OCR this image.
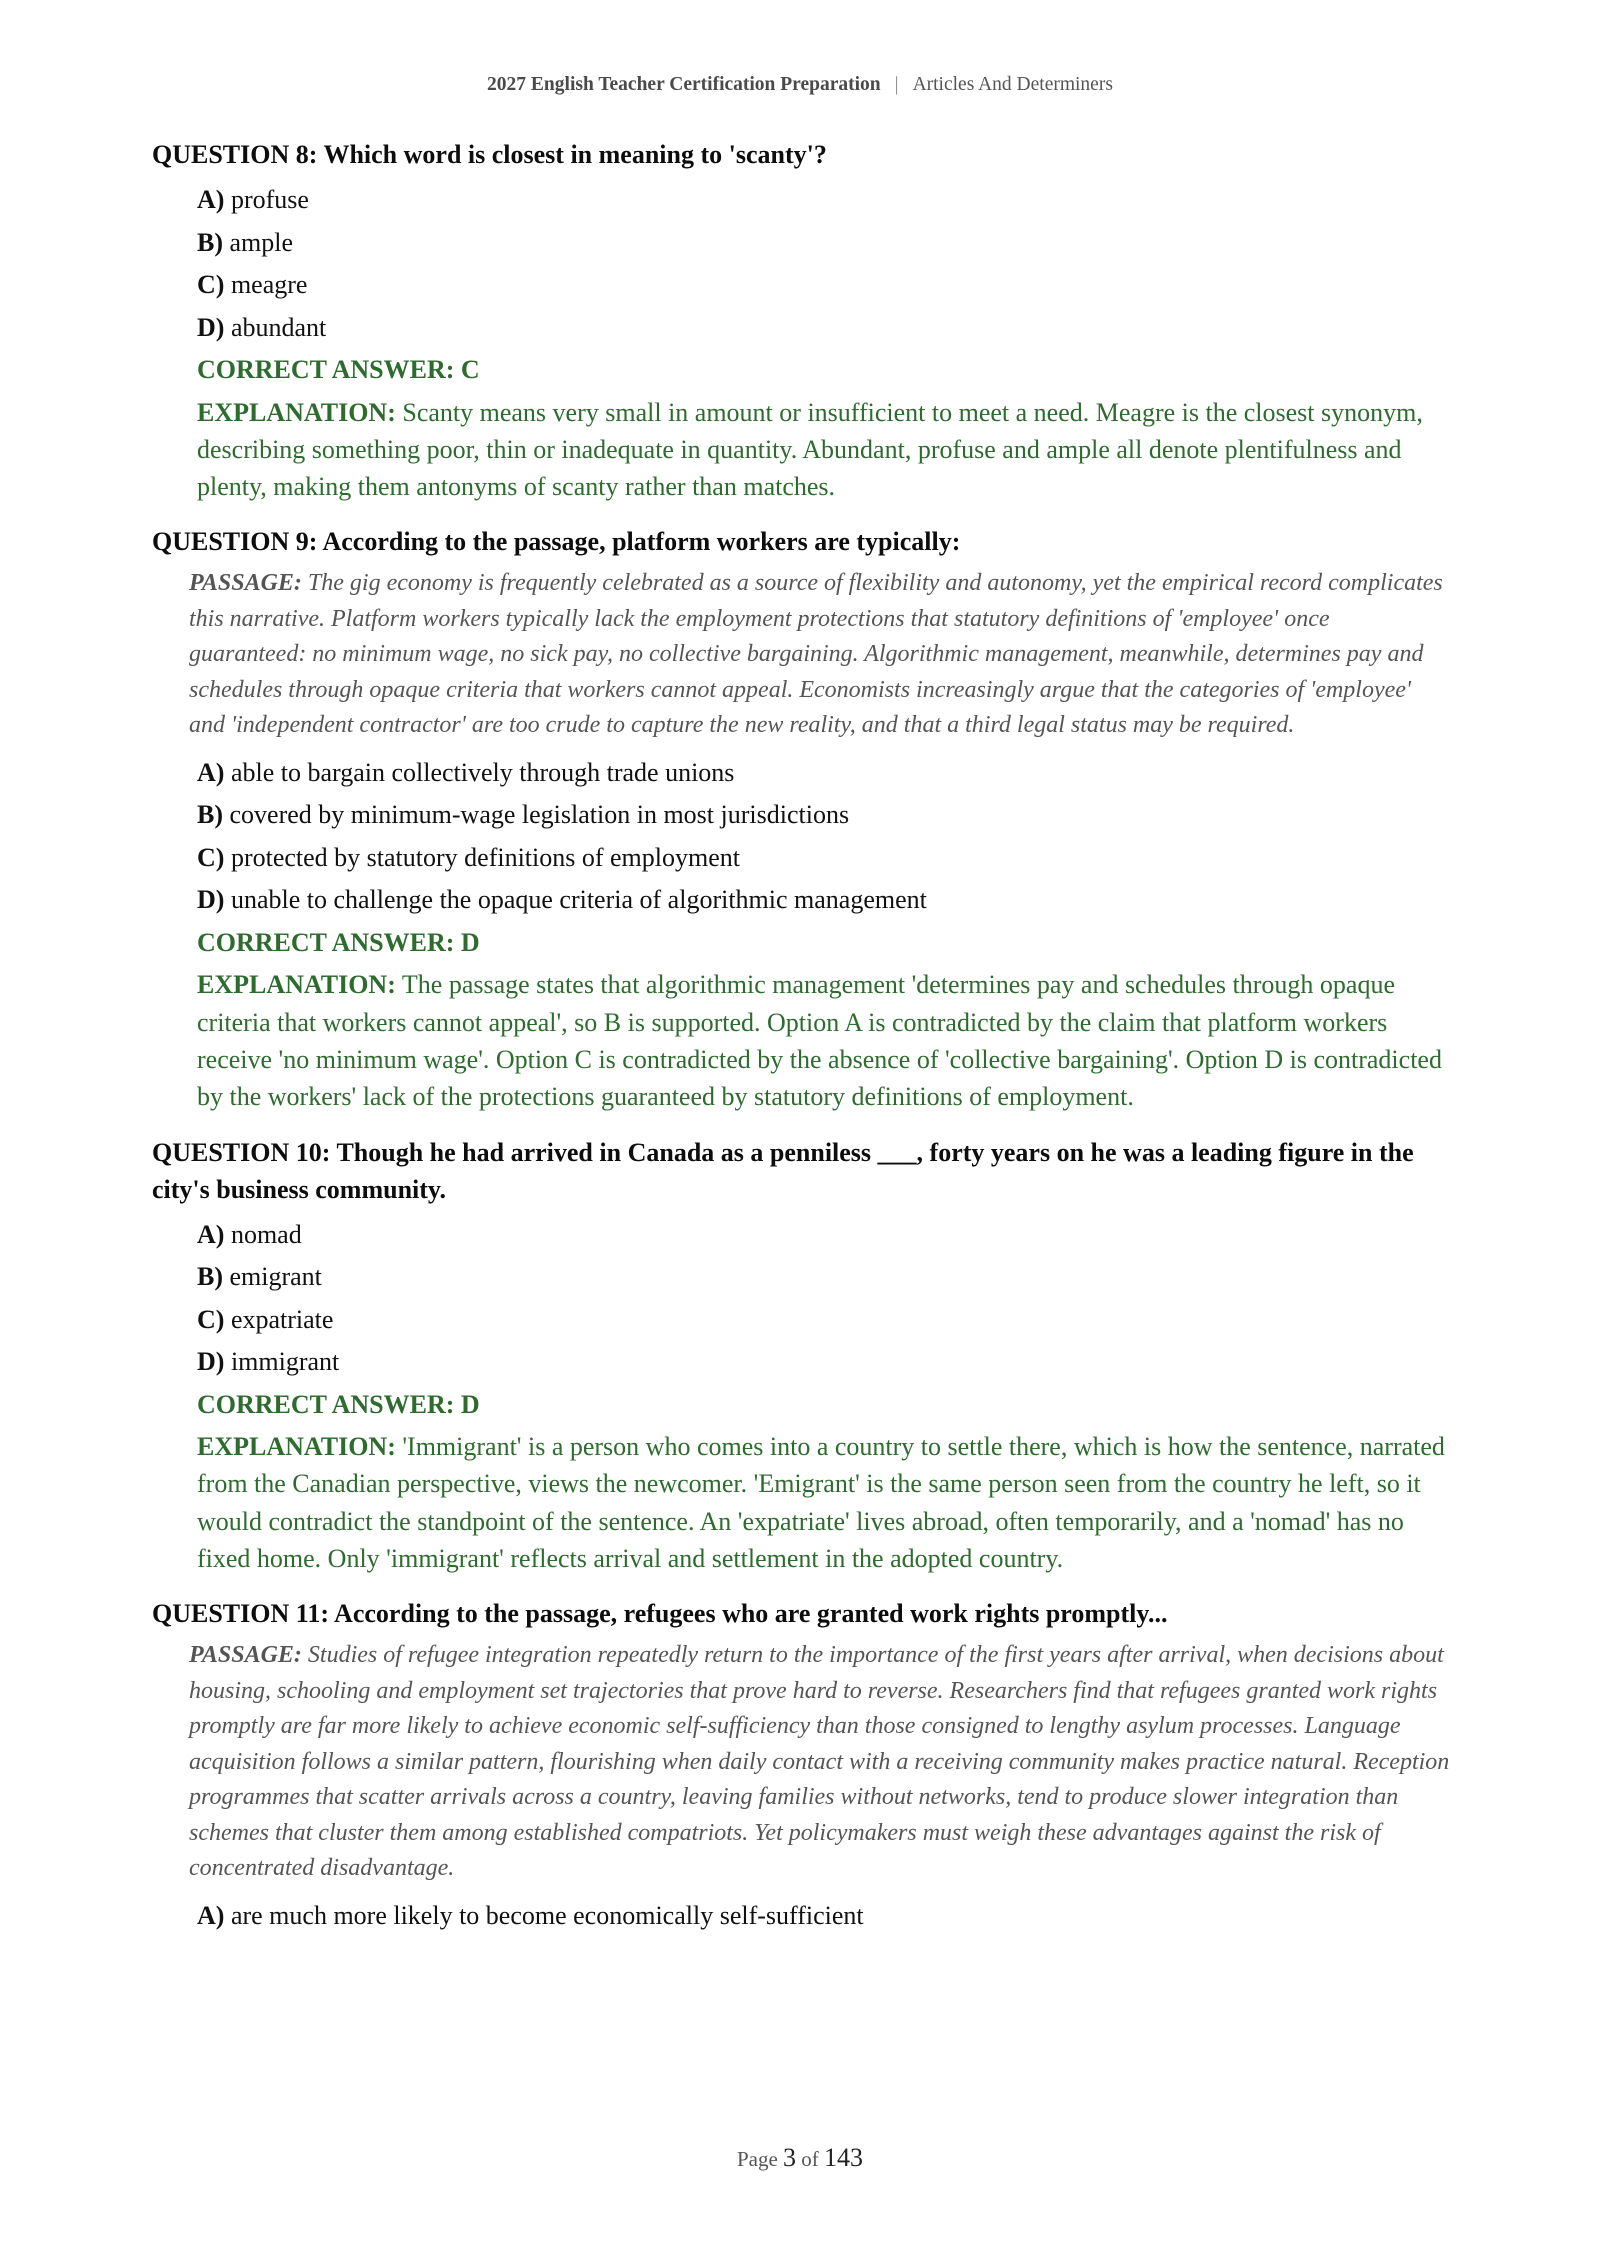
2027 English Teacher Certification Preparation | Articles And Determiners
QUESTION 8: Which word is closest in meaning to 'scanty'?
A) profuse
B) ample
C) meagre
D) abundant
CORRECT ANSWER: C
EXPLANATION: Scanty means very small in amount or insufficient to meet a need. Meagre is the closest synonym, describing something poor, thin or inadequate in quantity. Abundant, profuse and ample all denote plentifulness and plenty, making them antonyms of scanty rather than matches.
QUESTION 9: According to the passage, platform workers are typically:
PASSAGE: The gig economy is frequently celebrated as a source of flexibility and autonomy, yet the empirical record complicates this narrative. Platform workers typically lack the employment protections that statutory definitions of 'employee' once guaranteed: no minimum wage, no sick pay, no collective bargaining. Algorithmic management, meanwhile, determines pay and schedules through opaque criteria that workers cannot appeal. Economists increasingly argue that the categories of 'employee' and 'independent contractor' are too crude to capture the new reality, and that a third legal status may be required.
A) able to bargain collectively through trade unions
B) covered by minimum-wage legislation in most jurisdictions
C) protected by statutory definitions of employment
D) unable to challenge the opaque criteria of algorithmic management
CORRECT ANSWER: D
EXPLANATION: The passage states that algorithmic management 'determines pay and schedules through opaque criteria that workers cannot appeal', so B is supported. Option A is contradicted by the claim that platform workers receive 'no minimum wage'. Option C is contradicted by the absence of 'collective bargaining'. Option D is contradicted by the workers' lack of the protections guaranteed by statutory definitions of employment.
QUESTION 10: Though he had arrived in Canada as a penniless ___, forty years on he was a leading figure in the city's business community.
A) nomad
B) emigrant
C) expatriate
D) immigrant
CORRECT ANSWER: D
EXPLANATION: 'Immigrant' is a person who comes into a country to settle there, which is how the sentence, narrated from the Canadian perspective, views the newcomer. 'Emigrant' is the same person seen from the country he left, so it would contradict the standpoint of the sentence. An 'expatriate' lives abroad, often temporarily, and a 'nomad' has no fixed home. Only 'immigrant' reflects arrival and settlement in the adopted country.
QUESTION 11: According to the passage, refugees who are granted work rights promptly...
PASSAGE: Studies of refugee integration repeatedly return to the importance of the first years after arrival, when decisions about housing, schooling and employment set trajectories that prove hard to reverse. Researchers find that refugees granted work rights promptly are far more likely to achieve economic self-sufficiency than those consigned to lengthy asylum processes. Language acquisition follows a similar pattern, flourishing when daily contact with a receiving community makes practice natural. Reception programmes that scatter arrivals across a country, leaving families without networks, tend to produce slower integration than schemes that cluster them among established compatriots. Yet policymakers must weigh these advantages against the risk of concentrated disadvantage.
A) are much more likely to become economically self-sufficient
Page 3 of 143
